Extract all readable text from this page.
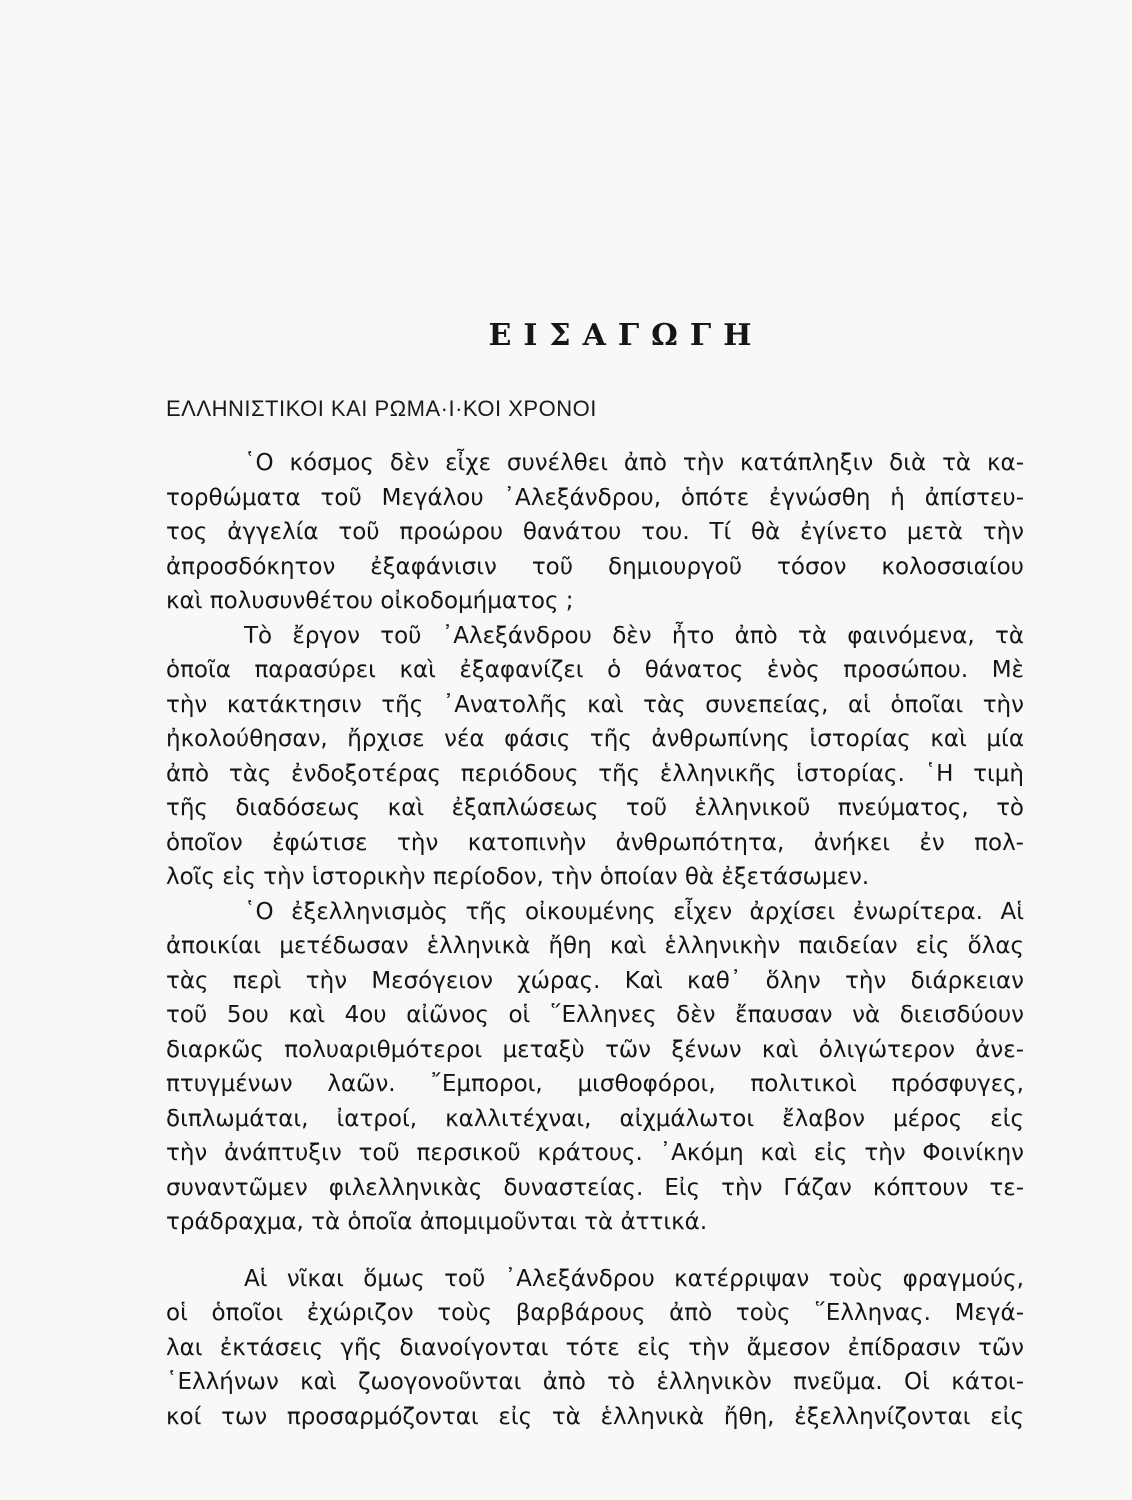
ΕΙΣΑΓΩΓΗ
ΕΛΛΗΝΙΣΤΙΚΟΙ ΚΑΙ ΡΩΜΑ·Ι·ΚΟΙ ΧΡΟΝΟΙ
῾Ο κόσμος δὲν εἶχε συνέλθει ἀπὸ τὴν κατάπληξιν διὰ τὰ κα-
τορθώματα τοῦ Μεγάλου ᾿Αλεξάνδρου, ὁπότε ἐγνώσθη ἡ ἀπίστευ-
τος ἀγγελία τοῦ προώρου θανάτου του. Τί θὰ ἐγίνετο μετὰ τὴν
ἀπροσδόκητον ἐξαφάνισιν τοῦ δημιουργοῦ τόσον κολοσσιαίου
καὶ πολυσυνθέτου οἰκοδομήματος ;
Τὸ ἔργον τοῦ ᾿Αλεξάνδρου δὲν ἦτο ἀπὸ τὰ φαινόμενα, τὰ
ὁποῖα παρασύρει καὶ ἐξαφανίζει ὁ θάνατος ἑνὸς προσώπου. Μὲ
τὴν κατάκτησιν τῆς ᾿Ανατολῆς καὶ τὰς συνεπείας, αἱ ὁποῖαι τὴν
ἠκολούθησαν, ἤρχισε νέα φάσις τῆς ἀνθρωπίνης ἱστορίας καὶ μία
ἀπὸ τὰς ἐνδοξοτέρας περιόδους τῆς ἑλληνικῆς ἱστορίας. ῾Η τιμὴ
τῆς διαδόσεως καὶ ἐξαπλώσεως τοῦ ἑλληνικοῦ πνεύματος, τὸ
ὁποῖον ἐφώτισε τὴν κατοπινὴν ἀνθρωπότητα, ἀνήκει ἐν πολ-
λοῖς εἰς τὴν ἱστορικὴν περίοδον, τὴν ὁποίαν θὰ ἐξετάσωμεν.
῾Ο ἐξελληνισμὸς τῆς οἰκουμένης εἶχεν ἀρχίσει ἐνωρίτερα. Αἱ
ἀποικίαι μετέδωσαν ἑλληνικὰ ἤθη καὶ ἑλληνικὴν παιδείαν εἰς ὅλας
τὰς περὶ τὴν Μεσόγειον χώρας. Καὶ καθ᾿ ὅλην τὴν διάρκειαν
τοῦ 5ου καὶ 4ου αἰῶνος οἱ ῞Ελληνες δὲν ἔπαυσαν νὰ διεισδύουν
διαρκῶς πολυαριθμότεροι μεταξὺ τῶν ξένων καὶ ὀλιγώτερον ἀνε-
πτυγμένων λαῶν. ῎Εμποροι, μισθοφόροι, πολιτικοὶ πρόσφυγες,
διπλωμάται, ἰατροί, καλλιτέχναι, αἰχμάλωτοι ἔλαβον μέρος εἰς
τὴν ἀνάπτυξιν τοῦ περσικοῦ κράτους. ᾿Ακόμη καὶ εἰς τὴν Φοινίκην
συναντῶμεν φιλελληνικὰς δυναστείας. Εἰς τὴν Γάζαν κόπτουν τε-
τράδραχμα, τὰ ὁποῖα ἀπομιμοῦνται τὰ ἀττικά.
Αἱ νῖκαι ὅμως τοῦ ᾿Αλεξάνδρου κατέρριψαν τοὺς φραγμούς,
οἱ ὁποῖοι ἐχώριζον τοὺς βαρβάρους ἀπὸ τοὺς ῞Ελληνας. Μεγά-
λαι ἐκτάσεις γῆς διανοίγονται τότε εἰς τὴν ἄμεσον ἐπίδρασιν τῶν
῾Ελλήνων καὶ ζωογονοῦνται ἀπὸ τὸ ἑλληνικὸν πνεῦμα. Οἱ κάτοι-
κοί των προσαρμόζονται εἰς τὰ ἑλληνικὰ ἤθη, ἐξελληνίζονται εἰς
